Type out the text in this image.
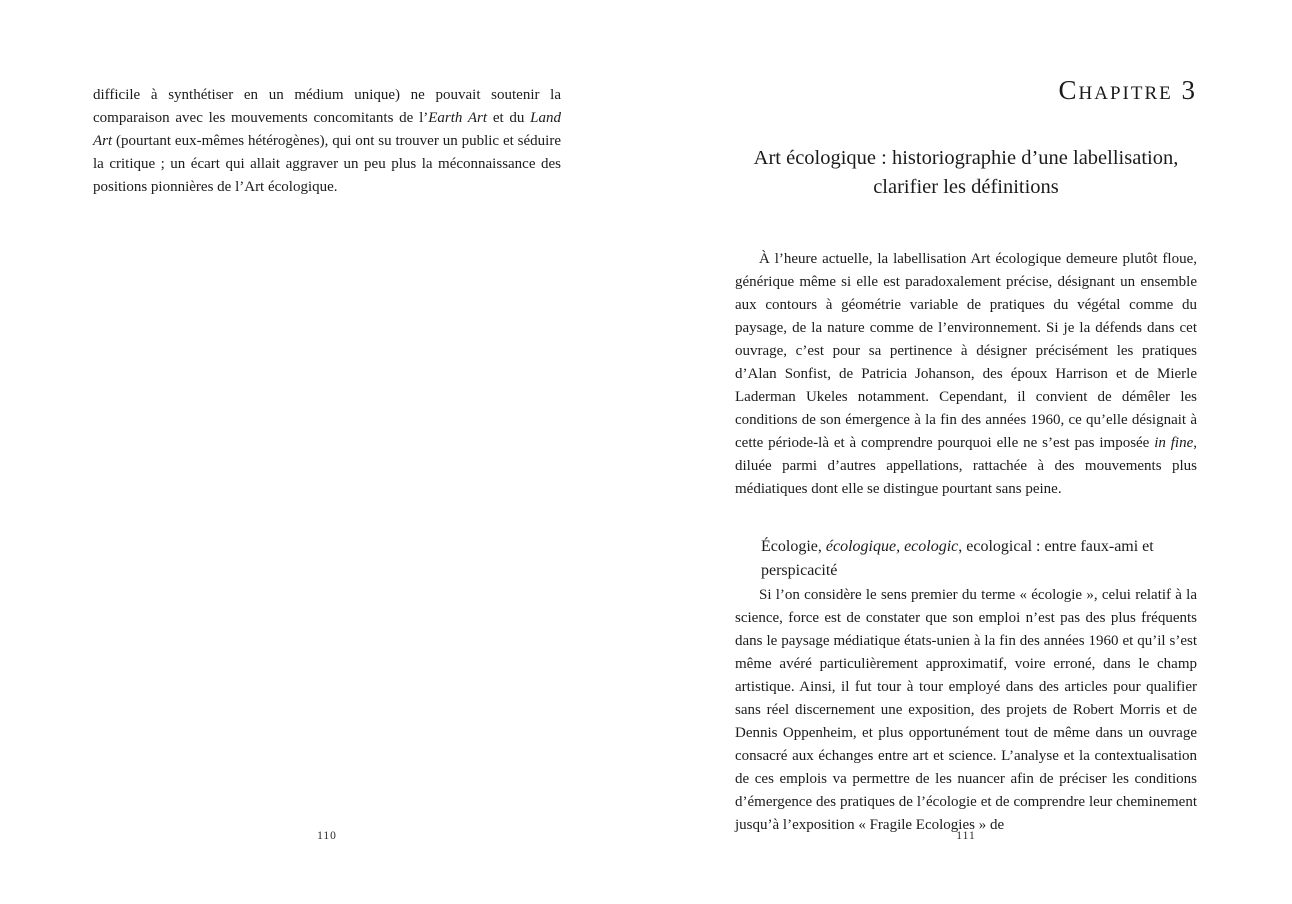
difficile à synthétiser en un médium unique) ne pouvait soutenir la comparaison avec les mouvements concomitants de l’Earth Art et du Land Art (pourtant eux-mêmes hétérogènes), qui ont su trouver un public et séduire la critique ; un écart qui allait aggraver un peu plus la méconnaissance des positions pionnières de l’Art écologique.

110
Chapitre 3
Art écologique : historiographie d’une labellisation, clarifier les définitions

À l’heure actuelle, la labellisation Art écologique demeure plutôt floue, générique même si elle est paradoxalement précise, désignant un ensemble aux contours à géométrie variable de pratiques du végétal comme du paysage, de la nature comme de l’environnement. Si je la défends dans cet ouvrage, c’est pour sa pertinence à désigner précisément les pratiques d’Alan Sonfist, de Patricia Johanson, des époux Harrison et de Mierle Laderman Ukeles notamment. Cependant, il convient de démêler les conditions de son émergence à la fin des années 1960, ce qu’elle désignait à cette période-là et à comprendre pourquoi elle ne s’est pas imposée in fine, diluée parmi d’autres appellations, rattachée à des mouvements plus médiatiques dont elle se distingue pourtant sans peine.

Écologie, écologique, ecologic, ecological : entre faux-ami et perspicacité

Si l’on considère le sens premier du terme « écologie », celui relatif à la science, force est de constater que son emploi n’est pas des plus fréquents dans le paysage médiatique états-unien à la fin des années 1960 et qu’il s’est même avéré particulièrement approximatif, voire erroné, dans le champ artistique. Ainsi, il fut tour à tour employé dans des articles pour qualifier sans réel discernement une exposition, des projets de Robert Morris et de Dennis Oppenheim, et plus opportunément tout de même dans un ouvrage consacré aux échanges entre art et science. L’analyse et la contextualisation de ces emplois va permettre de les nuancer afin de préciser les conditions d’émergence des pratiques de l’écologie et de comprendre leur cheminement jusqu’à l’exposition « Fragile Ecologies » de

111
